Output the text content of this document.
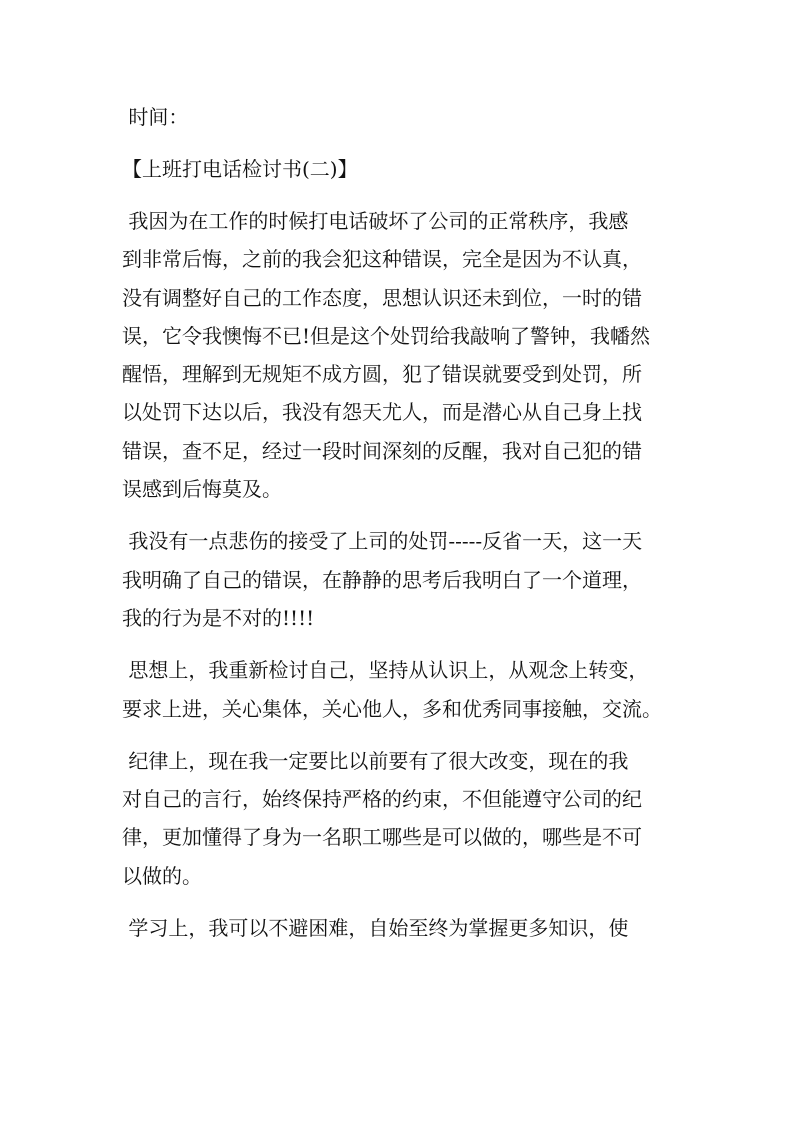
时间：
【上班打电话检讨书(二)】
我因为在工作的时候打电话破坏了公司的正常秩序，我感
到非常后悔，之前的我会犯这种错误，完全是因为不认真，
没有调整好自己的工作态度，思想认识还未到位，一时的错
误，它令我懊悔不已!但是这个处罚给我敲响了警钟，我幡然
醒悟，理解到无规矩不成方圆，犯了错误就要受到处罚，所
以处罚下达以后，我没有怨天尤人，而是潜心从自己身上找
错误，查不足，经过一段时间深刻的反醒，我对自己犯的错
误感到后悔莫及。
我没有一点悲伤的接受了上司的处罚-----反省一天，这一天
我明确了自己的错误，在静静的思考后我明白了一个道理，
我的行为是不对的!!!!
思想上，我重新检讨自己，坚持从认识上，从观念上转变，
要求上进，关心集体，关心他人，多和优秀同事接触，交流。
纪律上，现在我一定要比以前要有了很大改变，现在的我
对自己的言行，始终保持严格的约束，不但能遵守公司的纪
律，更加懂得了身为一名职工哪些是可以做的，哪些是不可
以做的。
学习上，我可以不避困难，自始至终为掌握更多知识，使
